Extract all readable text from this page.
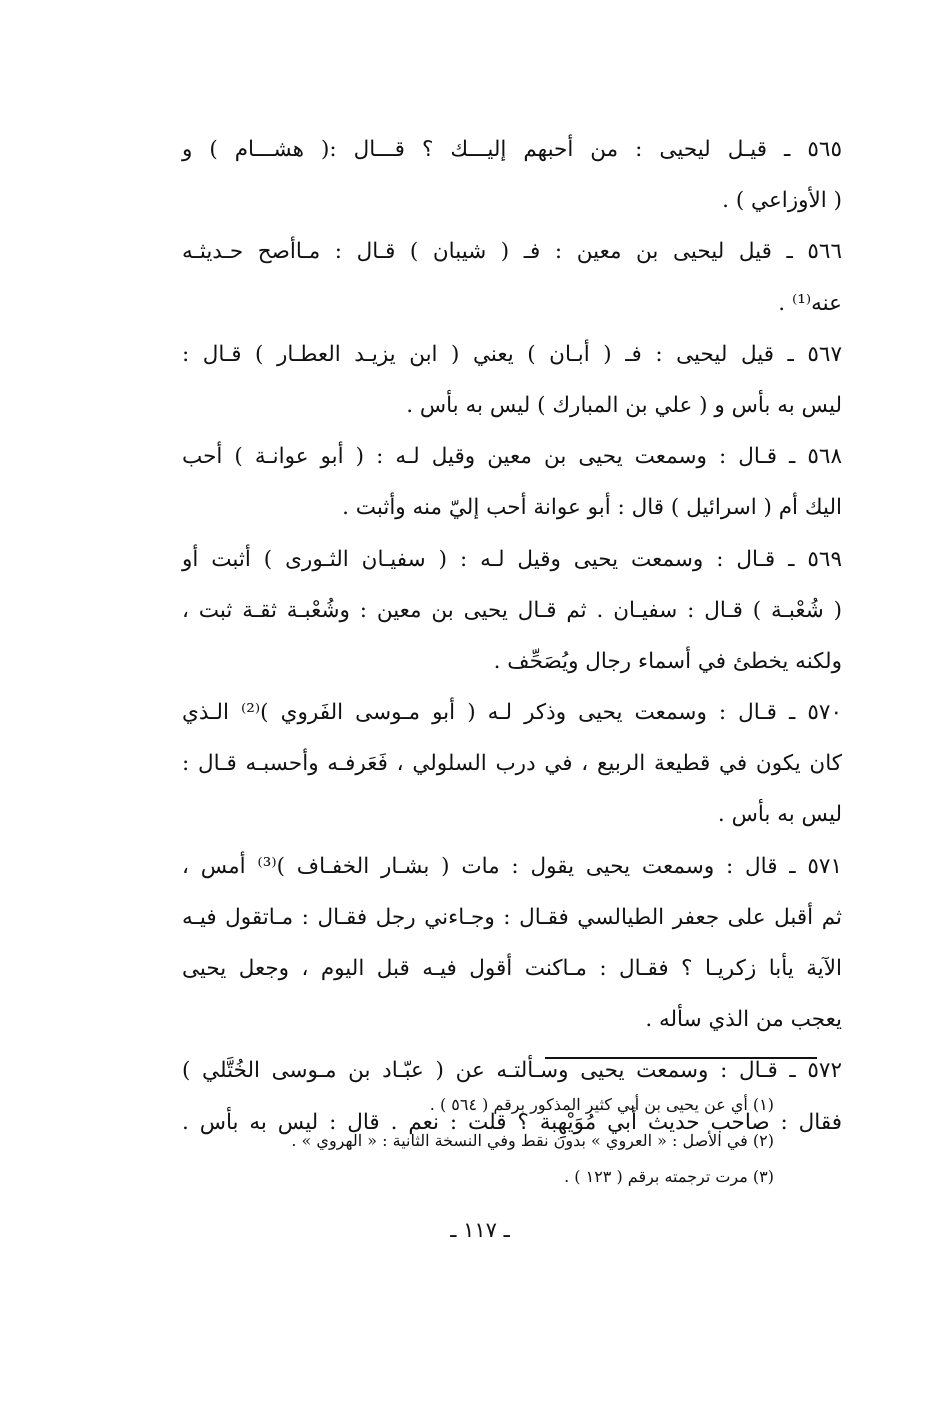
٥٦٥ ـ قيـل ليحيى : من أحبهم إليـــك ؟ قـــال :( هشـــام ) و
( الأوزاعي ) .
٥٦٦ ـ قيل ليحيى بن معين : فـ ( شيبان ) قـال : مـاأصح حـديثـه
عنه⁽¹⁾ .
٥٦٧ ـ قيل ليحيى : فـ ( أبـان ) يعني ( ابن يزيـد العطـار ) قـال :
ليس به بأس و ( علي بن المبارك ) ليس به بأس .
٥٦٨ ـ قـال : وسمعت يحيى بن معين وقيل لـه : ( أبو عوانـة ) أحب
اليك أم ( اسرائيل ) قال : أبو عوانة أحب إليّ منه وأثبت .
٥٦٩ ـ قـال : وسمعت يحيى وقيل لـه : ( سفيـان الثـورى ) أثبت أو
( شُعْبـة ) قـال : سفيـان . ثم قـال يحيى بن معين : وشُعْبـة ثقـة ثبت ،
ولكنه يخطئ في أسماء رجال ويُصَحِّف .
٥٧٠ ـ قـال : وسمعت يحيى وذكر لـه ( أبو مـوسى الفَروي )⁽²⁾ الـذي
كان يكون في قطيعة الربيع ، في درب السلولي ، فَعَرفـه وأحسبـه قـال :
ليس به بأس .
٥٧١ ـ قال : وسمعت يحيى يقول : مات ( بشـار الخفـاف )⁽³⁾ أمس ،
ثم أقبل على جعفر الطيالسي فقـال : وجـاءني رجل فقـال : مـاتقول فيـه
الآية يأبا زكريـا ؟ فقـال : مـاكنت أقول فيـه قبل اليوم ، وجعل يحيى
يعجب من الذي سأله .
٥٧٢ ـ قـال : وسمعت يحيى وسـألتـه عن ( عبّـاد بن مـوسى الخُتَّلي )
فقال : صاحب حديث أبي مُوَيْهِبة ؟ قلت : نعم . قال : ليس به بأس .
(١) أي عن يحيى بن أبي كثير المذكور برقم ( ٥٦٤ ) .
(٢) في الأصل : « العروي » بدون نقط وفي النسخة الثانية : « الهروي » .
(٣) مرت ترجمته برقم ( ١٢٣ ) .
ـ ١١٧ ـ
